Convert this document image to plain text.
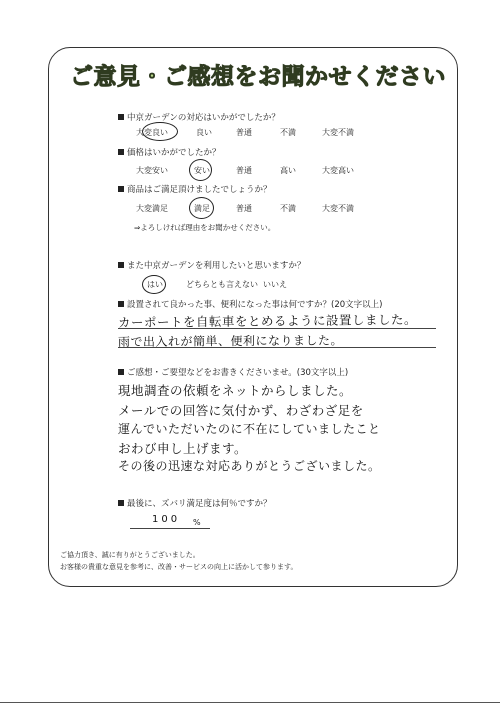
ご意見・ご感想をお聞かせください
中京ガーデンの対応はいかがでしたか？
大変良い	良い	普通	不満	大変不満
価格はいかがでしたか？
大変安い	安い	普通	高い	大変高い
商品はご満足頂けましたでしょうか？
大変満足	満足	普通	不満	大変不満
⇒よろしければ理由をお聞かせください。
また中京ガーデンを利用したいと思いますか？
はい	どちらとも言えない いいえ
設置されて良かった事、便利になった事は何ですか？(20文字以上)
カーポートを自転車をとめるように設置しました。
雨で出入れが簡単、便利になりました。
ご感想・ご要望などをお書きくださいませ。(30文字以上)
現地調査の依頼をネットからしました。
メールでの回答に気付かず、わざわざ足を
運んでいただいたのに不在にしていましたこと
おわび申し上げます。
その後の迅速な対応ありがとうございました。
最後に、ズバリ満足度は何％ですか？
100 %
ご協力頂き、誠に有りがとうございました。
お客様の貴重な意見を参考に、改善・サービスの向上に活かして参ります。
